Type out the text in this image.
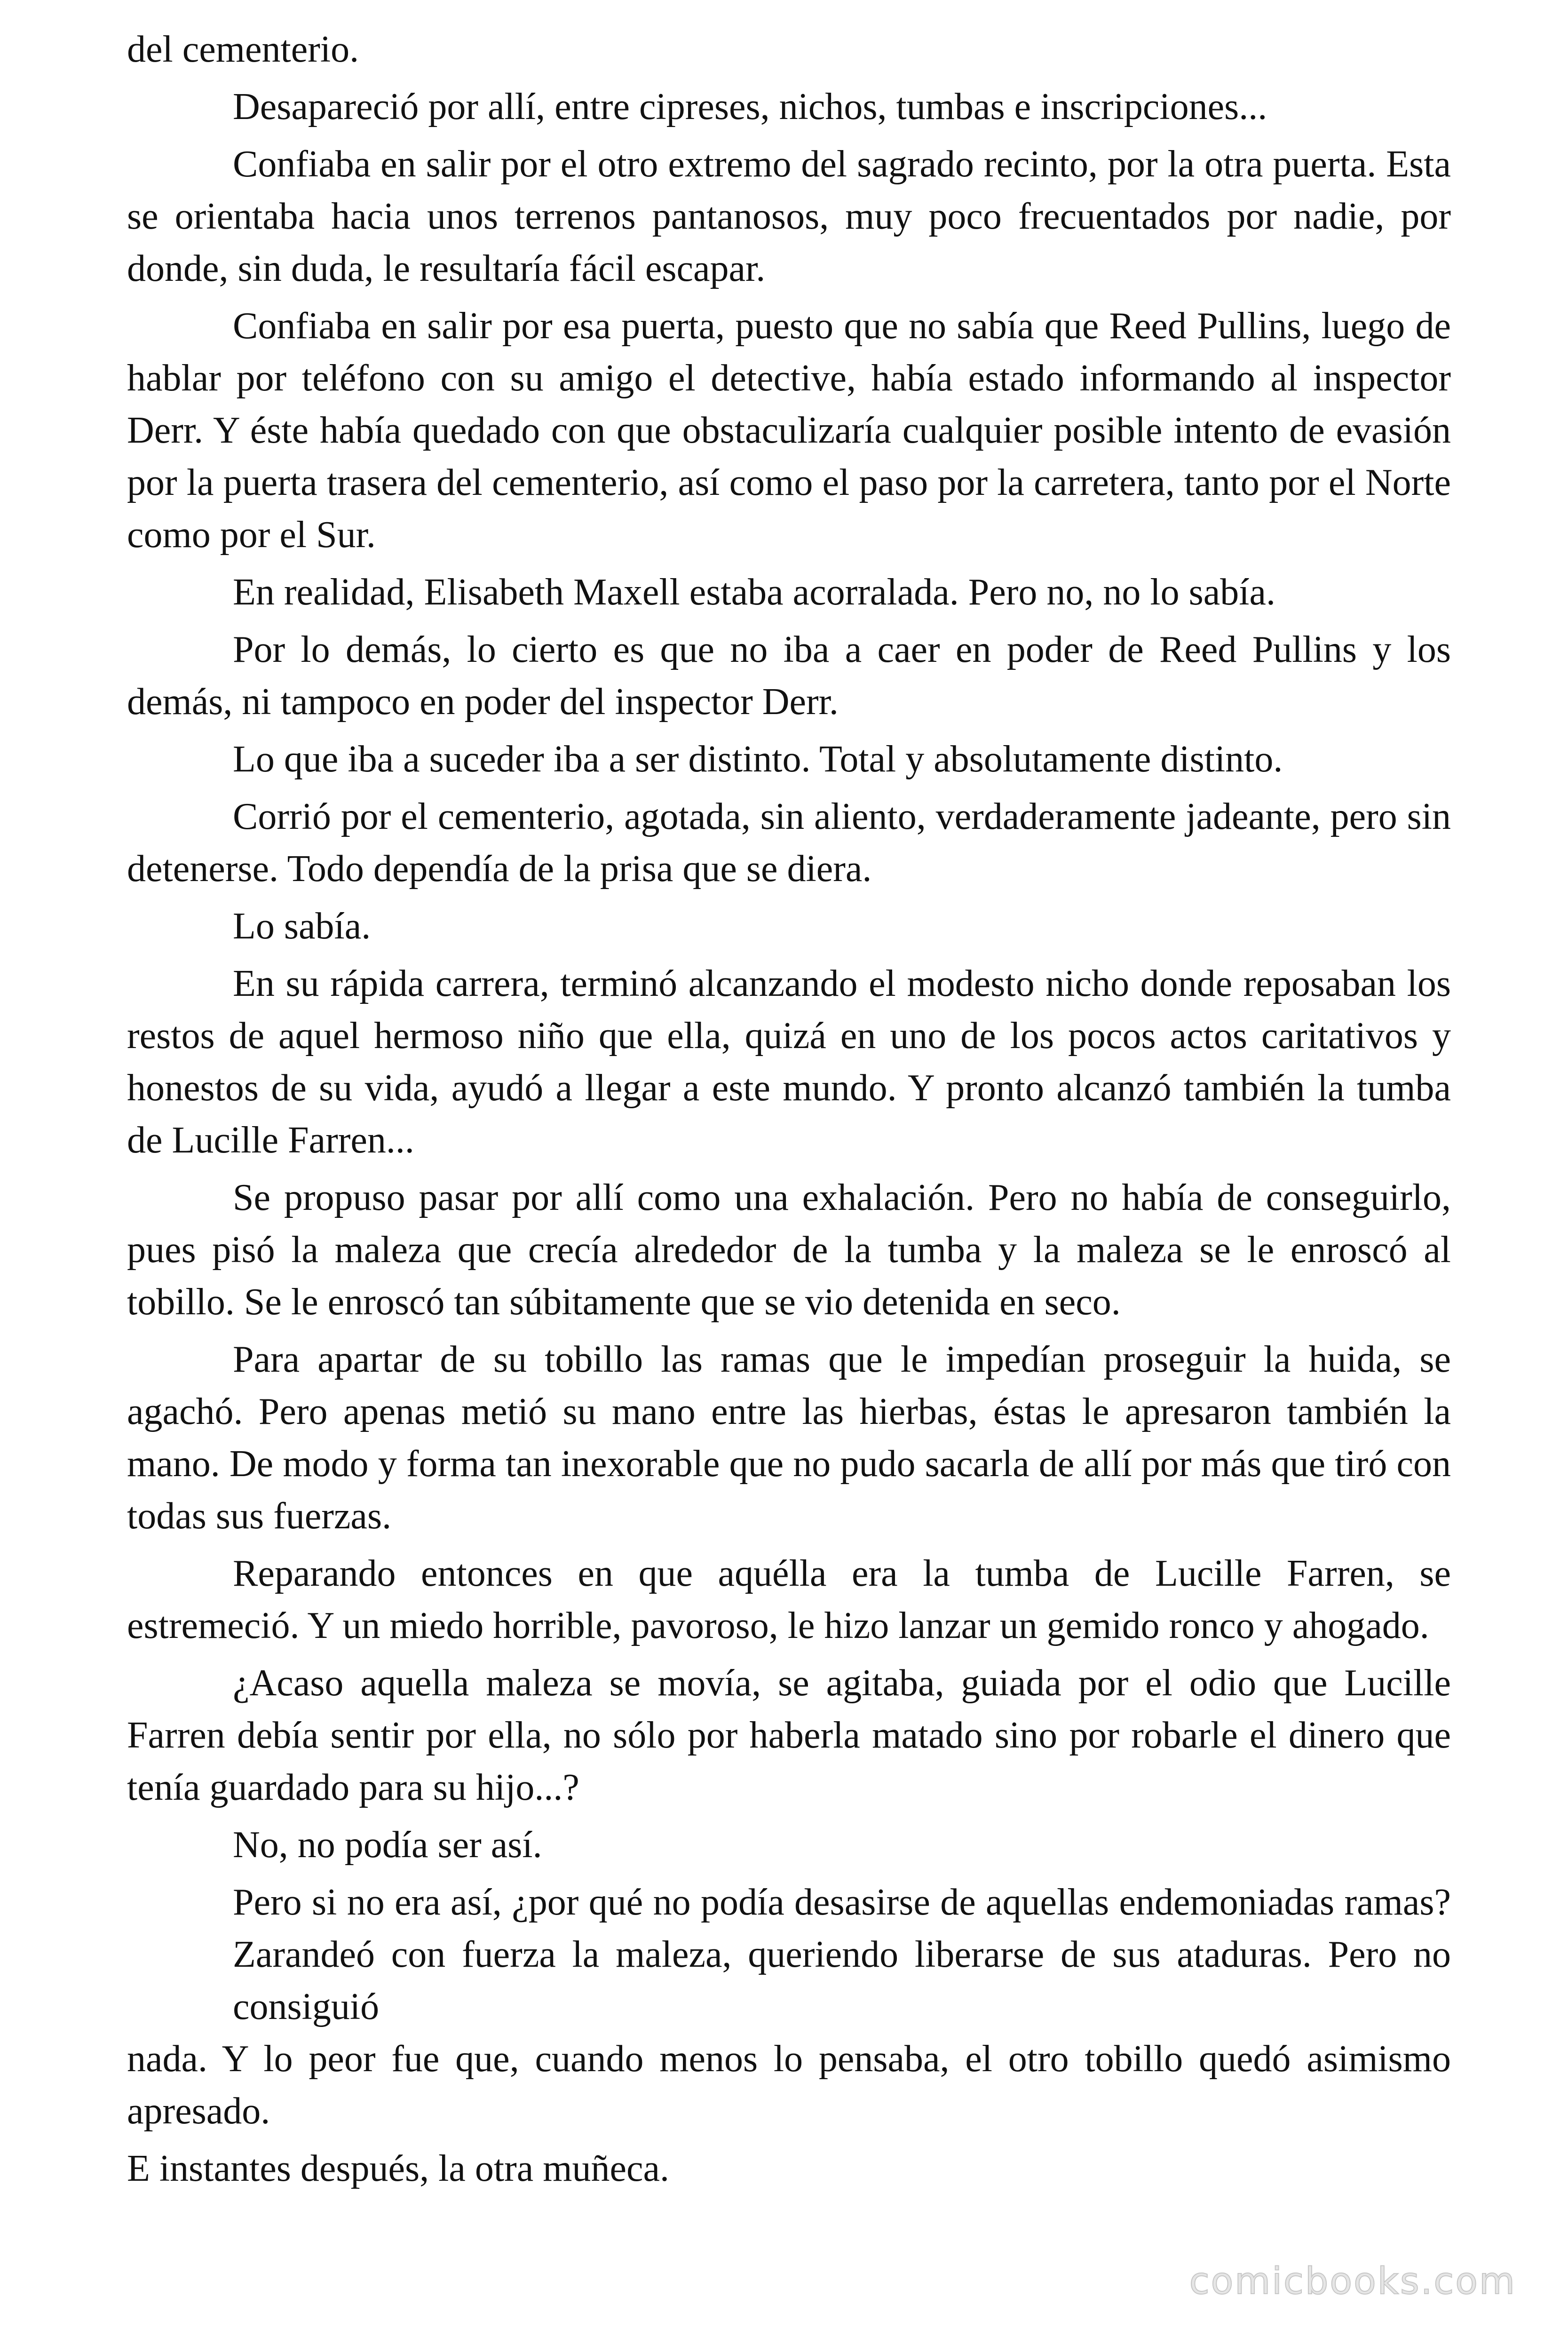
del cementerio.

Desapareció por allí, entre cipreses, nichos, tumbas e inscripciones...

Confiaba en salir por el otro extremo del sagrado recinto, por la otra puerta. Esta se orientaba hacia unos terrenos pantanosos, muy poco frecuentados por nadie, por donde, sin duda, le resultaría fácil escapar.

Confiaba en salir por esa puerta, puesto que no sabía que Reed Pullins, luego de hablar por teléfono con su amigo el detective, había estado informando al inspector Derr. Y éste había quedado con que obstaculizaría cualquier posible intento de evasión por la puerta trasera del cementerio, así como el paso por la carretera, tanto por el Norte como por el Sur.

En realidad, Elisabeth Maxell estaba acorralada. Pero no, no lo sabía.

Por lo demás, lo cierto es que no iba a caer en poder de Reed Pullins y los demás, ni tampoco en poder del inspector Derr.

Lo que iba a suceder iba a ser distinto. Total y absolutamente distinto.

Corrió por el cementerio, agotada, sin aliento, verdaderamente jadeante, pero sin detenerse. Todo dependía de la prisa que se diera.

Lo sabía.

En su rápida carrera, terminó alcanzando el modesto nicho donde reposaban los restos de aquel hermoso niño que ella, quizá en uno de los pocos actos caritativos y honestos de su vida, ayudó a llegar a este mundo. Y pronto alcanzó también la tumba de Lucille Farren...

Se propuso pasar por allí como una exhalación. Pero no había de conseguirlo, pues pisó la maleza que crecía alrededor de la tumba y la maleza se le enroscó al tobillo. Se le enroscó tan súbitamente que se vio detenida en seco.

Para apartar de su tobillo las ramas que le impedían proseguir la huida, se agachó. Pero apenas metió su mano entre las hierbas, éstas le apresaron también la mano. De modo y forma tan inexorable que no pudo sacarla de allí por más que tiró con todas sus fuerzas.

Reparando entonces en que aquélla era la tumba de Lucille Farren, se estremeció. Y un miedo horrible, pavoroso, le hizo lanzar un gemido ronco y ahogado.

¿Acaso aquella maleza se movía, se agitaba, guiada por el odio que Lucille Farren debía sentir por ella, no sólo por haberla matado sino por robarle el dinero que tenía guardado para su hijo...?

No, no podía ser así.

Pero si no era así, ¿por qué no podía desasirse de aquellas endemoniadas ramas? Zarandeó con fuerza la maleza, queriendo liberarse de sus ataduras. Pero no consiguió

nada. Y lo peor fue que, cuando menos lo pensaba, el otro tobillo quedó asimismo apresado.

E instantes después, la otra muñeca.

comicbooks.com
